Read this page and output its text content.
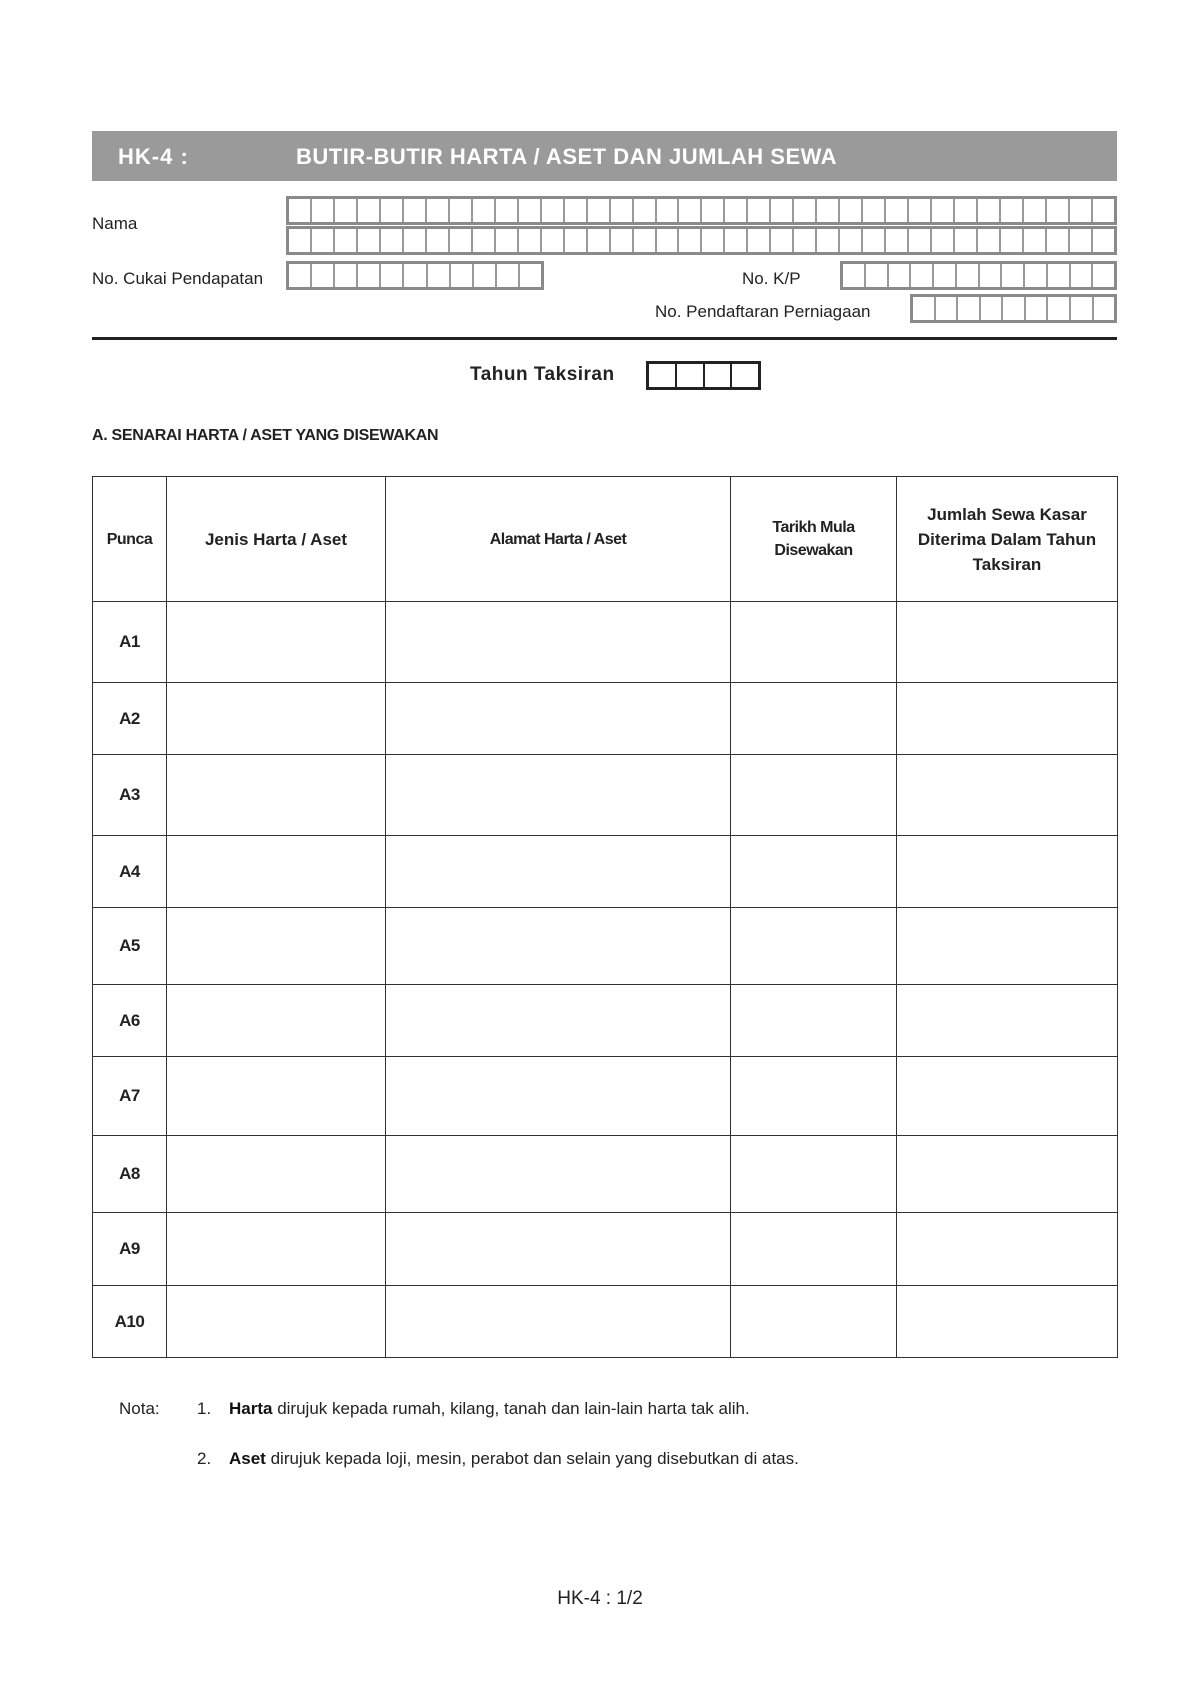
HK-4 :	BUTIR-BUTIR HARTA / ASET DAN JUMLAH SEWA
Nama
No. Cukai Pendapatan	No. K/P
No. Pendaftaran Perniagaan
Tahun Taksiran
A. SENARAI HARTA / ASET YANG DISEWAKAN
Punca	Jenis Harta / Aset	Alamat Harta / Aset	Tarikh Mula Disewakan	Jumlah Sewa Kasar Diterima Dalam Tahun Taksiran
A1				
A2				
A3				
A4				
A5				
A6				
A7				
A8				
A9				
A10				
Nota: 1. Harta dirujuk kepada rumah, kilang, tanah dan lain-lain harta tak alih.
2. Aset dirujuk kepada loji, mesin, perabot dan selain yang disebutkan di atas.
HK-4 : 1/2
